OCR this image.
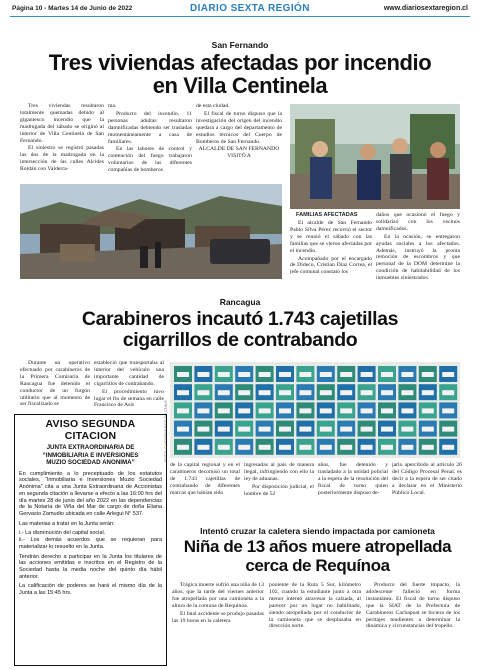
Página 10 - Martes 14 de Junio de 2022	DIARIO SEXTA REGIÓN	www.diariosextaregion.cl
San Fernando
Tres viviendas afectadas por incendio
en Villa Centinela

Tres viviendas resultaron totalmente quemadas debido al gigantesco incendio que la madrugada del sábado se originó al interior de Villa Centinela de San Fernando.

El siniestro se registró pasadas las dos de la madrugada en la intersección de las calles Alcides Roldán con Valderra-

ma.

Producto del incendio, 11 personas adultas resultaron damnificadas debiendo ser trasladas momentáneamente a casa de familiares.

En las labores de control y contención del fuego trabajaron voluntarios de las diferentes compañías de bomberos

de esta ciudad.

El fiscal de turno dispuso que la investigación del origen del incendio quedara a cargo del departamento de estudios técnicos del Cuerpo de Bomberos de San Fernando.

ALCALDE DE SAN FERNANDO VISITÓ A

FAMILIAS AFECTADAS

El alcalde de San Fernando Pablo Silva Pérez recorrió el sector y se reunió el sábado con las familias que se vieron afectadas por el incendio.

Acompañado por el encargado de Dideco, Cristian Díaz Correa, el jefe comunal constató los

daños que ocasionó el fuego y solidarizó con los vecinos damnificados.

En la ocasión, se entregaron ayudas sociales a los afectados. Además, instruyó la pronta remoción de escombros y que personal de la DOM determine la condición de habitabilidad de los inmuebles siniestrados.

Rancagua
Carabineros incautó 1.743 cajetillas
cigarrillos de contrabando

Durante un operativo efectuado por carabineros de la Primera Comisaría de Rancagua fue detenido el conductor de un furgón utilitario que al momento de ser fiscalizado se

estableció que transportaba al interior del vehículo una importante cantidad de cigarrillos de contrabando.

El procedimiento tuvo lugar el fin de semana en calle Francisco de Asís	FOTO: CARABINEROS DE CHILE

de la capital regional y en el carabineros decomisó un total de 1.743 cajetillas de contrabando de diferentes marcas que habían sido

ingresadas al país de manera ilegal, infringiendo con ello la ley de aduanas.

Por disposición judicial, el hombre de 52

años, fue detenido y trasladado a la unidad policial a la espera de la resolución del fiscal de turno quien posteriormente dispuso de-

jarlo apercibido al artículo 26 del Código Procesal Penal, es decir a la espera de ser citado a declarar en el Ministerio Público Local.

AVISO SEGUNDA CITACION
JUNTA EXTRAORDINARIA DE
“INMOBILIARIA E INVERSIONES
MUZIO SOCIEDAD ANONIMA”

En cumplimiento a lo preceptuado de los estatutos sociales, “Inmobiliaria e Inversiones Muzio Sociedad Anónima” cita a una Junta Extraordinaria de Accionistas en segunda citación a llevarse a efecto a las 16:00 hrs del día martes 28 de junio del año 2022 en las dependencias de la Notaría de Viña del Mar de cargo de doña Eliana Gervasio Zamudio ubicada en calle Arlegui N° 537.

Las materias a tratar en la Junta serán:

i.- La disminución del capital social.

ii.- Los demás acuerdos que se requieran para materializar lo resuelto en la Junta.

Tendrán derecho a participar en la Junta los titulares de las acciones emitidas e inscritos en el Registro de la Sociedad hasta la media noche del quinto día hábil anterior.

La calificación de poderes se hará el mismo día de la Junta a las 15:45 hrs.

Intentó cruzar la caletera siendo impactada por camioneta
Niña de 13 años muere atropellada
cerca de Requínoa

Trágica muerte sufrió una niña de 13 años, que la tarde del viernes anterior fue atropellada por una camioneta a la altura de la comuna de Requínoa.

El fatal accidente se produjo pasadas las 19 horas en la caletera

poniente de la Ruta 5 Sur, kilómetro 102, cuando la estudiante junto a otra menor intentó atravesar la calzada, al parecer por un lugar no habilitado, siendo atropellada por el conductor de la camioneta que se desplazaba en dirección norte.

Producto del fuerte impacto, la adolescente falleció en forma instantánea. El fiscal de turno dispuso que la SIAT de la Prefectura de Carabineros Cachapoal se hiciera de los peritajes tendientes a determinar la dinámica y circunstancias del tropello.
